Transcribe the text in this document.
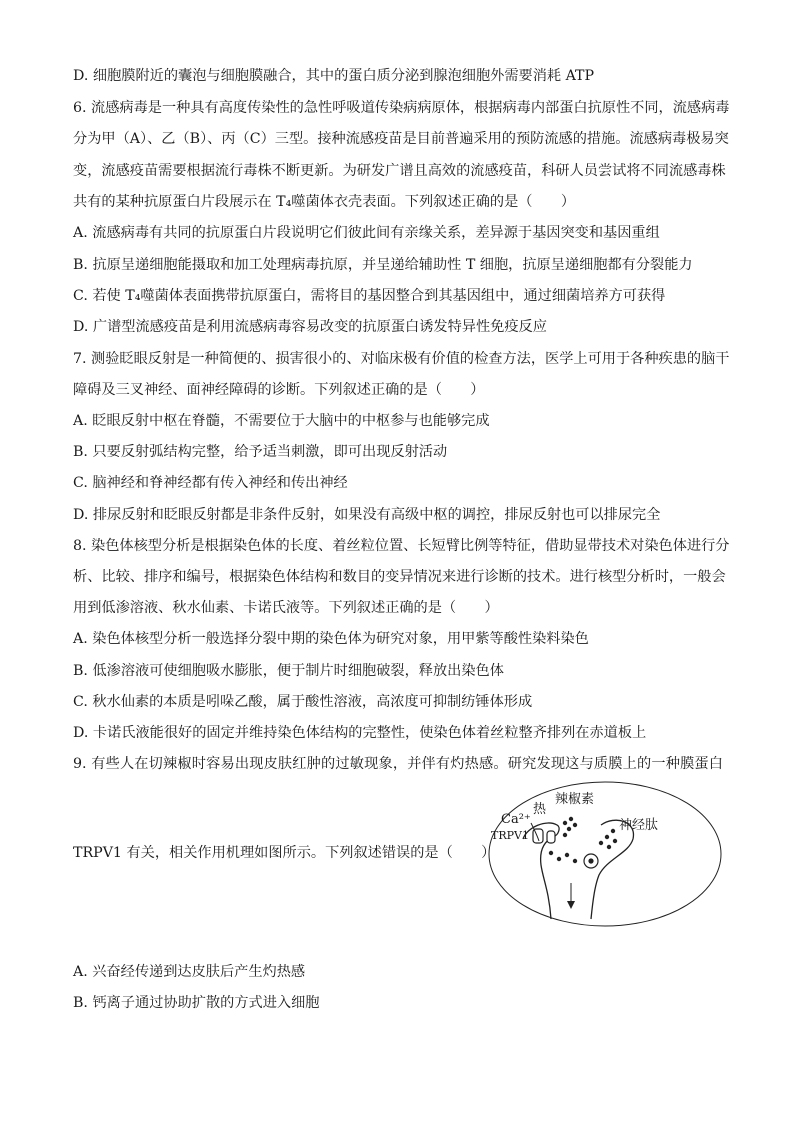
D. 细胞膜附近的囊泡与细胞膜融合，其中的蛋白质分泌到腺泡细胞外需要消耗 ATP
6. 流感病毒是一种具有高度传染性的急性呼吸道传染病病原体，根据病毒内部蛋白抗原性不同，流感病毒
分为甲（A）、乙（B）、丙（C）三型。接种流感疫苗是目前普遍采用的预防流感的措施。流感病毒极易突
变，流感疫苗需要根据流行毒株不断更新。为研发广谱且高效的流感疫苗，科研人员尝试将不同流感毒株
共有的某种抗原蛋白片段展示在 T₄噬菌体衣壳表面。下列叙述正确的是（　　）
A. 流感病毒有共同的抗原蛋白片段说明它们彼此间有亲缘关系，差异源于基因突变和基因重组
B. 抗原呈递细胞能摄取和加工处理病毒抗原，并呈递给辅助性 T 细胞，抗原呈递细胞都有分裂能力
C. 若使 T₄噬菌体表面携带抗原蛋白，需将目的基因整合到其基因组中，通过细菌培养方可获得
D. 广谱型流感疫苗是利用流感病毒容易改变的抗原蛋白诱发特异性免疫反应
7. 测验眨眼反射是一种简便的、损害很小的、对临床极有价值的检查方法，医学上可用于各种疾患的脑干
障碍及三叉神经、面神经障碍的诊断。下列叙述正确的是（　　）
A. 眨眼反射中枢在脊髓，不需要位于大脑中的中枢参与也能够完成
B. 只要反射弧结构完整，给予适当刺激，即可出现反射活动
C. 脑神经和脊神经都有传入神经和传出神经
D. 排尿反射和眨眼反射都是非条件反射，如果没有高级中枢的调控，排尿反射也可以排尿完全
8. 染色体核型分析是根据染色体的长度、着丝粒位置、长短臂比例等特征，借助显带技术对染色体进行分
析、比较、排序和编号，根据染色体结构和数目的变异情况来进行诊断的技术。进行核型分析时，一般会
用到低渗溶液、秋水仙素、卡诺氏液等。下列叙述正确的是（　　）
A. 染色体核型分析一般选择分裂中期的染色体为研究对象，用甲紫等酸性染料染色
B. 低渗溶液可使细胞吸水膨胀，便于制片时细胞破裂，释放出染色体
C. 秋水仙素的本质是吲哚乙酸，属于酸性溶液，高浓度可抑制纺锤体形成
D. 卡诺氏液能很好的固定并维持染色体结构的完整性，使染色体着丝粒整齐排列在赤道板上
9. 有些人在切辣椒时容易出现皮肤红肿的过敏现象，并伴有灼热感。研究发现这与质膜上的一种膜蛋白
TRPV1 有关，相关作用机理如图所示。下列叙述错误的是（　　）
Ca²⁺
热
辣椒素
TRPV1
神经肽
A. 兴奋经传递到达皮肤后产生灼热感
B. 钙离子通过协助扩散的方式进入细胞
